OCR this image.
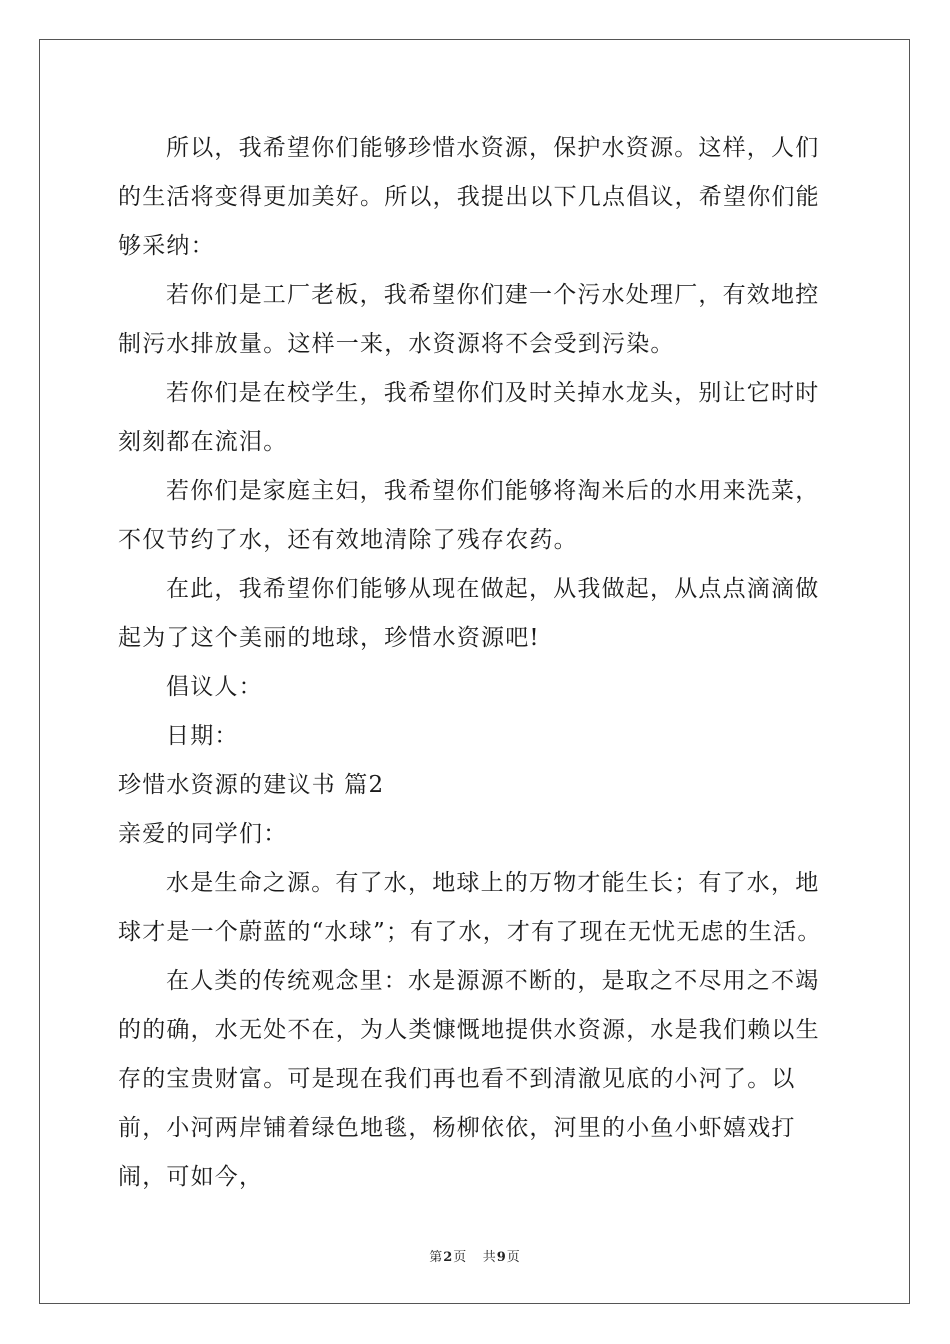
所以，我希望你们能够珍惜水资源，保护水资源。这样，人们的生活将变得更加美好。所以，我提出以下几点倡议，希望你们能够采纳：

若你们是工厂老板，我希望你们建一个污水处理厂，有效地控制污水排放量。这样一来，水资源将不会受到污染。

若你们是在校学生，我希望你们及时关掉水龙头，别让它时时刻刻都在流泪。

若你们是家庭主妇，我希望你们能够将淘米后的水用来洗菜，不仅节约了水，还有效地清除了残存农药。

在此，我希望你们能够从现在做起，从我做起，从点点滴滴做起为了这个美丽的地球，珍惜水资源吧!

倡议人：

日期：

珍惜水资源的建议书 篇2

亲爱的同学们：

水是生命之源。有了水，地球上的万物才能生长；有了水，地球才是一个蔚蓝的“水球”；有了水，才有了现在无忧无虑的生活。

在人类的传统观念里：水是源源不断的，是取之不尽用之不竭的的确，水无处不在，为人类慷慨地提供水资源，水是我们赖以生存的宝贵财富。可是现在我们再也看不到清澈见底的小河了。以前，小河两岸铺着绿色地毯，杨柳依依，河里的小鱼小虾嬉戏打闹，可如今，

第2页 共9页
